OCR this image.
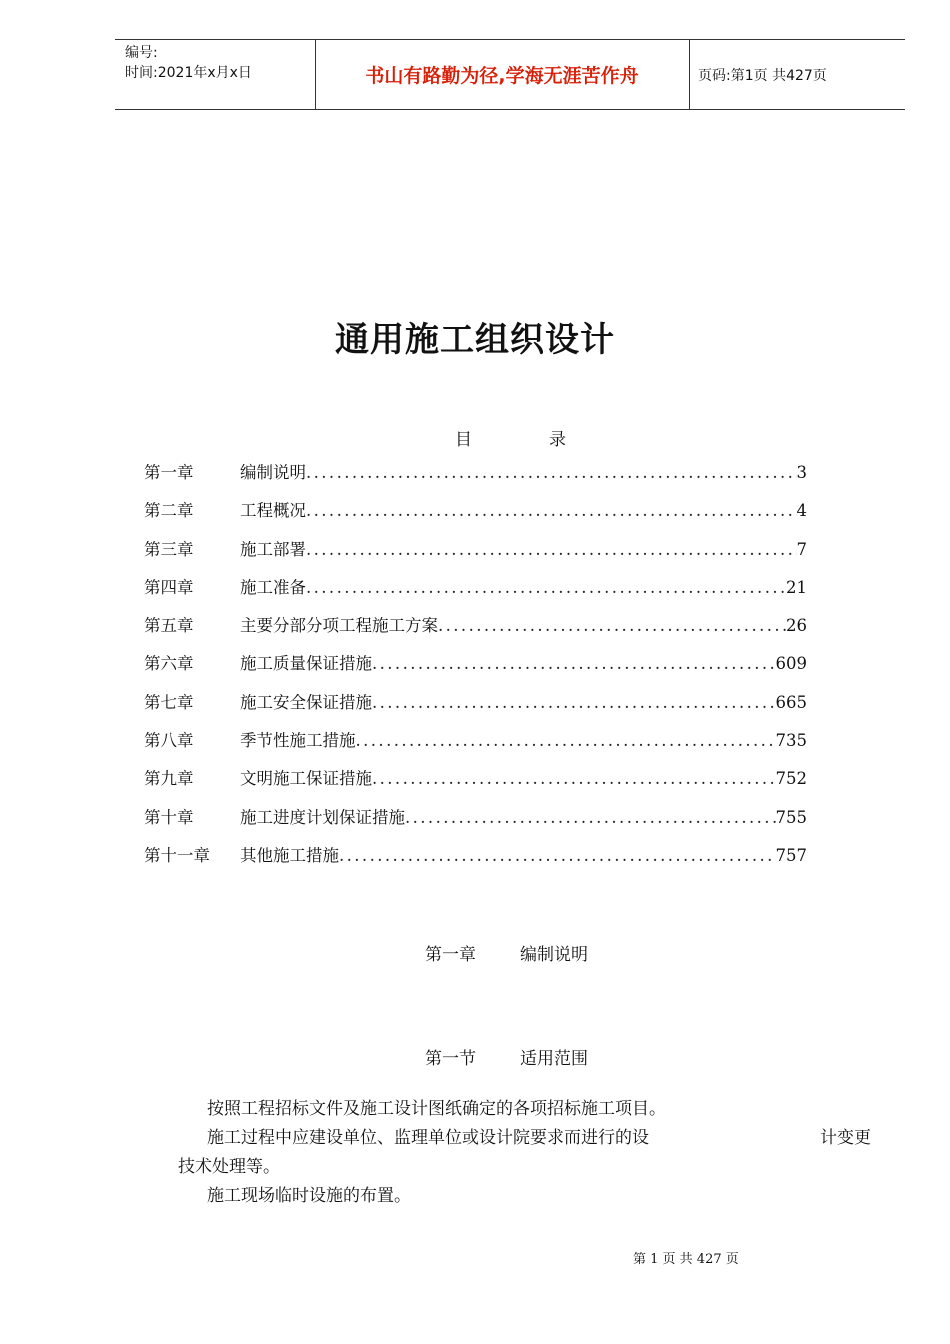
编号:
时间:2021年x月x日	书山有路勤为径,学海无涯苦作舟	页码:第1页 共427页
通用施工组织设计
目	录
第一章	编制说明 .....	3
第二章	工程概况 .....	4
第三章	施工部署 .....	7
第四章	施工准备 .....	21
第五章	主要分部分项工程施工方案 .....	26
第六章	施工质量保证措施 .....	609
第七章	施工安全保证措施 .....	665
第八章	季节性施工措施 .....	735
第九章	文明施工保证措施 .....	752
第十章	施工进度计划保证措施 .....	755
第十一章 其他施工措施 .....	757
第一章	编制说明
第一节	适用范围
按照工程招标文件及施工设计图纸确定的各项招标施工项目。
施工过程中应建设单位、监理单位或设计院要求而进行的设	计变更
技术处理等。
施工现场临时设施的布置。
第 1 页 共 427 页
